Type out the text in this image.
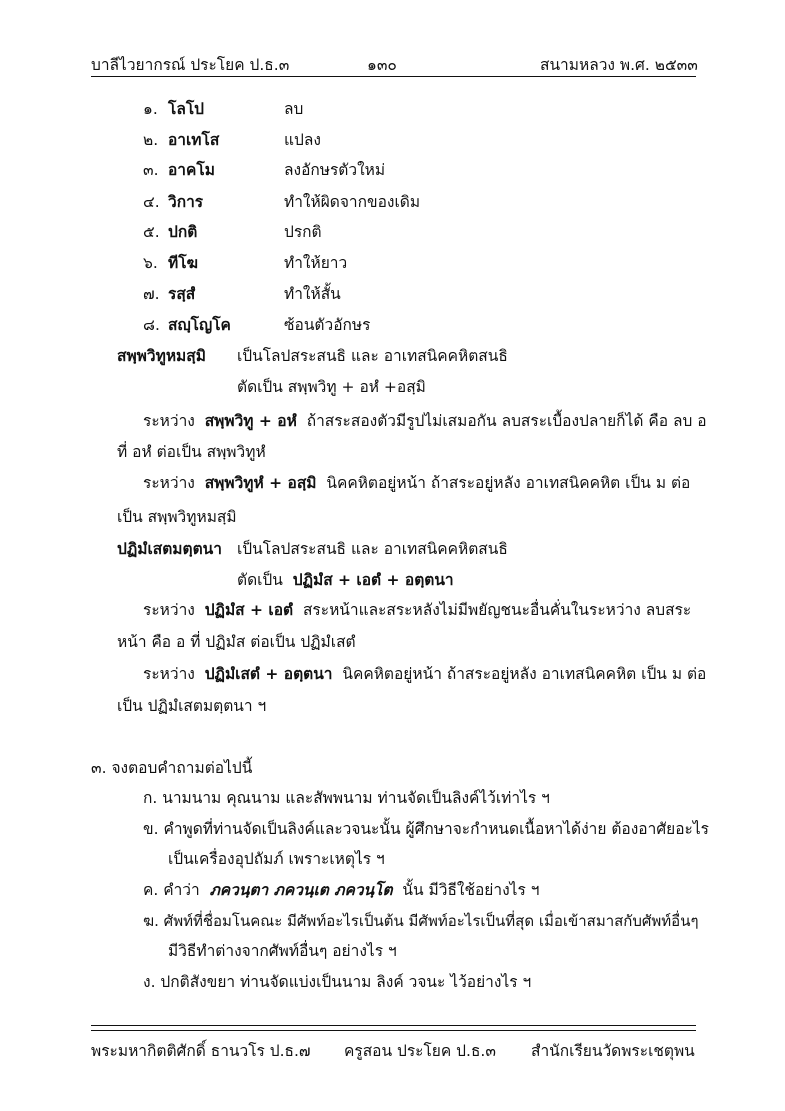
บาลีไวยากรณ์ ประโยค ป.ธ.๓	๑๓๐	สนามหลวง พ.ศ. ๒๕๓๓
๑. โลโป	ลบ
๒. อาเทโส	แปลง
๓. อาคโม	ลงอักษรตัวใหม่
๔. วิการ	ทำให้ผิดจากของเดิม
๕. ปกติ	ปรกติ
๖. ทีโฆ	ทำให้ยาว
๗. รสฺสํ	ทำให้สั้น
๘. สญฺโญโค	ซ้อนตัวอักษร
สพฺพวิทูหมสฺมิ เป็นโลปสระสนธิ และ อาเทสนิคคหิตสนธิ
ตัดเป็น สพฺพวิทู + อหํ +อสฺมิ
ระหว่าง สพฺพวิทู + อหํ ถ้าสระสองตัวมีรูปไม่เสมอกัน ลบสระเบื้องปลายก็ได้ คือ ลบ อ
ที่ อหํ ต่อเป็น สพฺพวิทูหํ
ระหว่าง สพฺพวิทูหํ + อสฺมิ นิคคหิตอยู่หน้า ถ้าสระอยู่หลัง อาเทสนิคคหิต เป็น ม ต่อ
เป็น สพฺพวิทูหมสฺมิ
ปฏิมํเสตมตฺตนา เป็นโลปสระสนธิ และ อาเทสนิคคหิตสนธิ
ตัดเป็น ปฏิมํส + เอตํ + อตฺตนา
ระหว่าง ปฏิมํส + เอตํ สระหน้าและสระหลังไม่มีพยัญชนะอื่นคั่นในระหว่าง ลบสระ
หน้า คือ อ ที่ ปฏิมํส ต่อเป็น ปฏิมํเสตํ
ระหว่าง ปฏิมํเสตํ + อตฺตนา นิคคหิตอยู่หน้า ถ้าสระอยู่หลัง อาเทสนิคคหิต เป็น ม ต่อ
เป็น ปฏิมํเสตมตฺตนา ฯ
๓. จงตอบคำถามต่อไปนี้
ก. นามนาม คุณนาม และสัพพนาม ท่านจัดเป็นลิงค์ไว้เท่าไร ฯ
ข. คำพูดที่ท่านจัดเป็นลิงค์และวจนะนั้น ผู้ศึกษาจะกำหนดเนื้อหาได้ง่าย ต้องอาศัยอะไร
เป็นเครื่องอุปถัมภ์ เพราะเหตุไร ฯ
ค. คำว่า ภควนฺตา ภควนฺเต ภควนฺโต นั้น มีวิธีใช้อย่างไร ฯ
ฆ. ศัพท์ที่ชื่อมโนคณะ มีศัพท์อะไรเป็นต้น มีศัพท์อะไรเป็นที่สุด เมื่อเข้าสมาสกับศัพท์อื่นๆ
มีวิธีทำต่างจากศัพท์อื่นๆ อย่างไร ฯ
ง. ปกติสังขยา ท่านจัดแบ่งเป็นนาม ลิงค์ วจนะ ไว้อย่างไร ฯ
พระมหากิตติศักดิ์ ธานวโร ป.ธ.๗ ครูสอน ประโยค ป.ธ.๓ สำนักเรียนวัดพระเชตุพน
